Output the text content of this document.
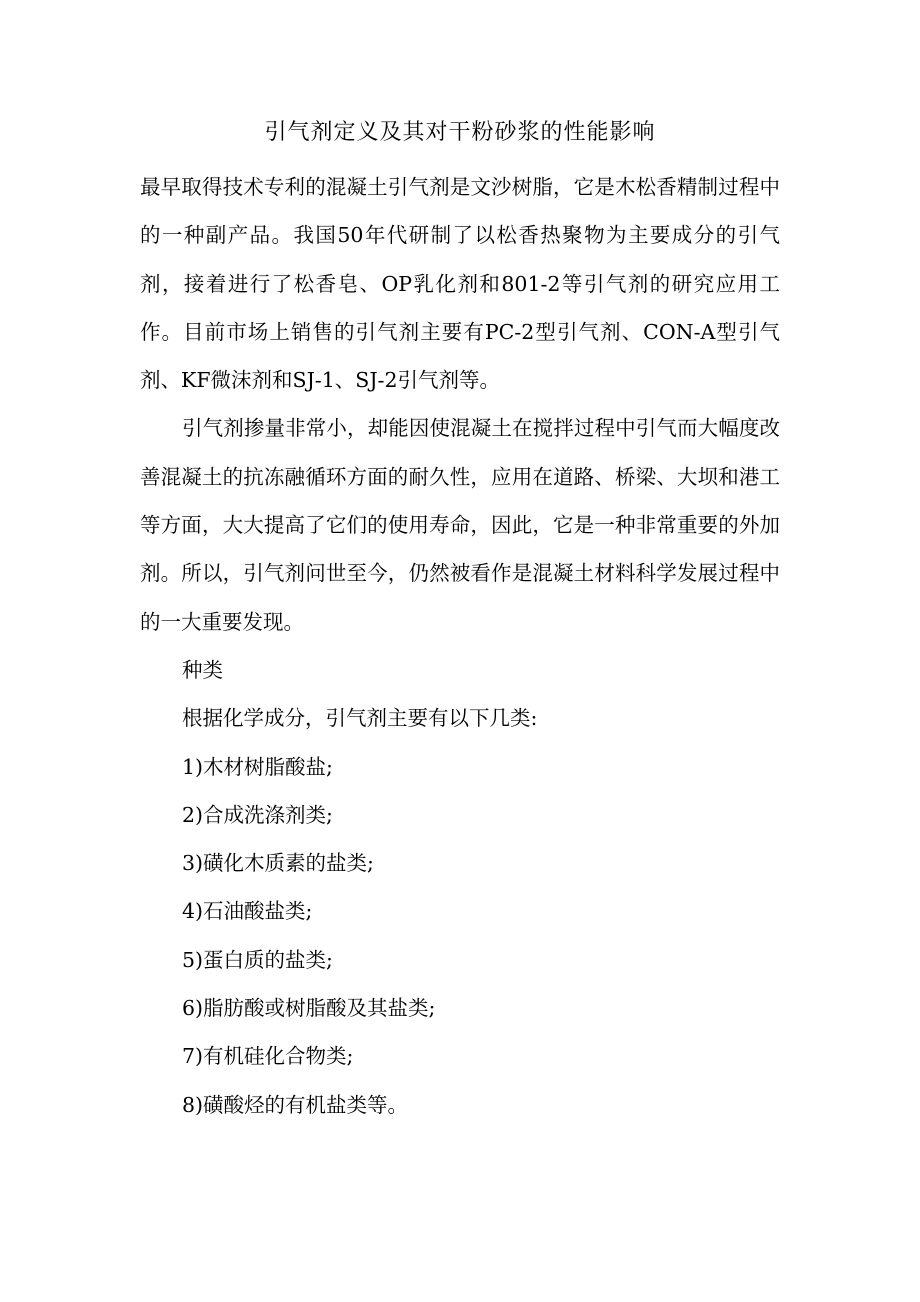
引气剂定义及其对干粉砂浆的性能影响

最早取得技术专利的混凝土引气剂是文沙树脂，它是木松香精制过程中的一种副产品。我国50年代研制了以松香热聚物为主要成分的引气剂，接着进行了松香皂、OP乳化剂和801-2等引气剂的研究应用工作。目前市场上销售的引气剂主要有PC-2型引气剂、CON-A型引气剂、KF微沫剂和SJ-1、SJ-2引气剂等。

引气剂掺量非常小，却能因使混凝土在搅拌过程中引气而大幅度改善混凝土的抗冻融循环方面的耐久性，应用在道路、桥梁、大坝和港工等方面，大大提高了它们的使用寿命，因此，它是一种非常重要的外加剂。所以，引气剂问世至今，仍然被看作是混凝土材料科学发展过程中的一大重要发现。

种类

根据化学成分，引气剂主要有以下几类:

1)木材树脂酸盐;

2)合成洗涤剂类;

3)磺化木质素的盐类;

4)石油酸盐类;

5)蛋白质的盐类;

6)脂肪酸或树脂酸及其盐类;

7)有机硅化合物类;

8)磺酸烃的有机盐类等。
